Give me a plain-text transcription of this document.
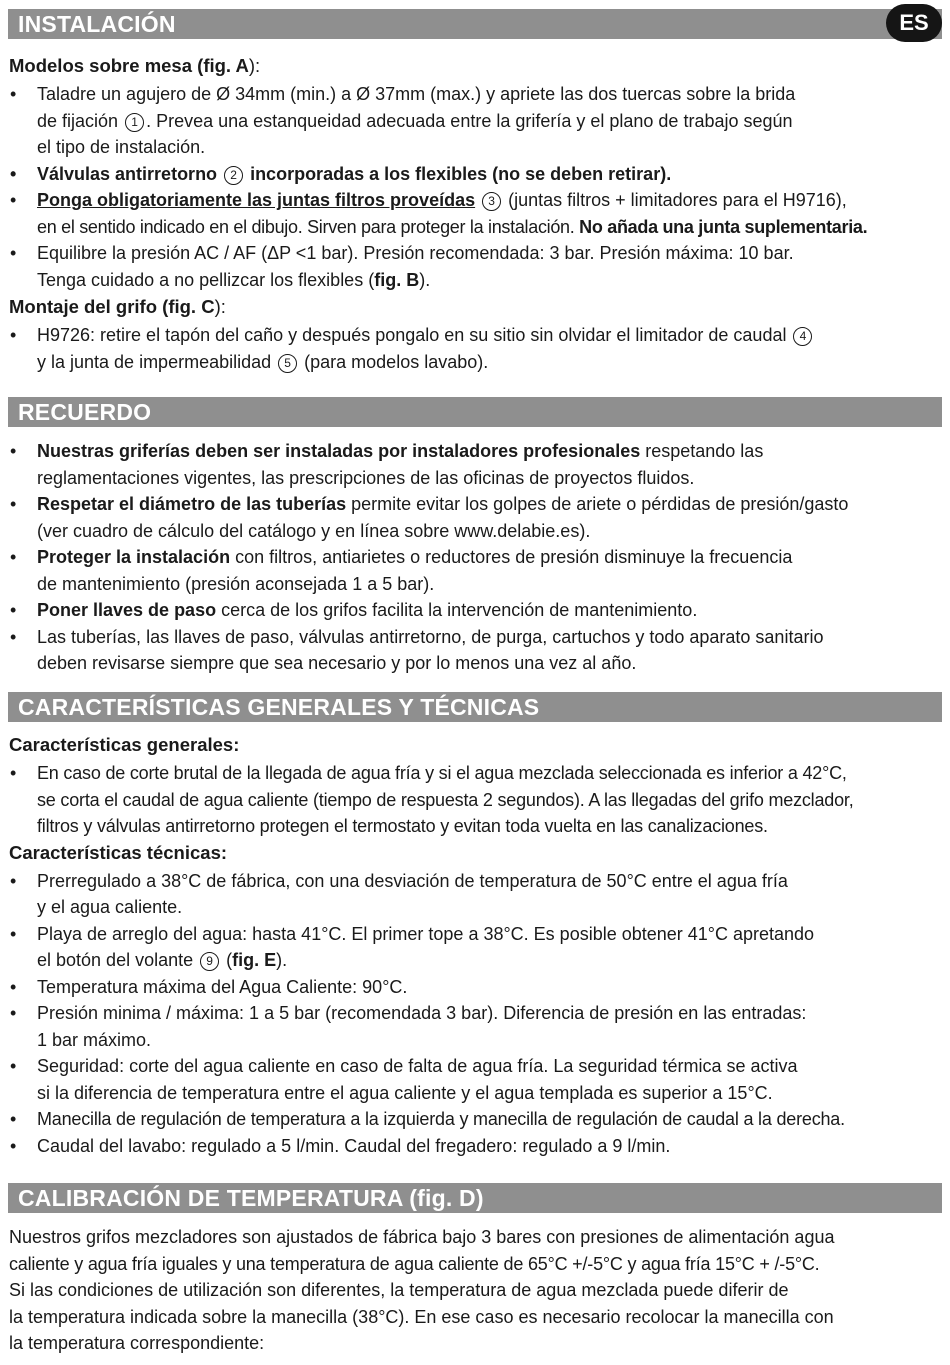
INSTALACIÓN	ES

Modelos sobre mesa (fig. A):

• Taladre un agujero de Ø 34mm (min.) a Ø 37mm (max.) y apriete las dos tuercas sobre la brida
de fijación 1 . Prevea una estanqueidad adecuada entre la grifería y el plano de trabajo según
el tipo de instalación.
• Válvulas antirretorno 2 incorporadas a los flexibles (no se deben retirar).
• Ponga obligatoriamente las juntas filtros proveídas 3 (juntas filtros + limitadores para el H9716),
en el sentido indicado en el dibujo. Sirven para proteger la instalación. No añada una junta suplementaria.
• Equilibre la presión AC / AF (ΔP <1 bar). Presión recomendada: 3 bar. Presión máxima: 10 bar.
Tenga cuidado a no pellizcar los flexibles (fig. B).

Montaje del grifo (fig. C):

• H9726: retire el tapón del caño y después pongalo en su sitio sin olvidar el limitador de caudal 4
y la junta de impermeabilidad 5 (para modelos lavabo).
RECUERDO
• Nuestras griferías deben ser instaladas por instaladores profesionales respetando las
reglamentaciones vigentes, las prescripciones de las oficinas de proyectos fluidos.
• Respetar el diámetro de las tuberías permite evitar los golpes de ariete o pérdidas de presión/gasto
(ver cuadro de cálculo del catálogo y en línea sobre www.delabie.es).
• Proteger la instalación con filtros, antiarietes o reductores de presión disminuye la frecuencia
de mantenimiento (presión aconsejada 1 a 5 bar).
• Poner llaves de paso cerca de los grifos facilita la intervención de mantenimiento.
• Las tuberías, las llaves de paso, válvulas antirretorno, de purga, cartuchos y todo aparato sanitario
deben revisarse siempre que sea necesario y por lo menos una vez al año.
CARACTERÍSTICAS GENERALES Y TÉCNICAS

Características generales:

• En caso de corte brutal de la llegada de agua fría y si el agua mezclada seleccionada es inferior a 42°C,
se corta el caudal de agua caliente (tiempo de respuesta 2 segundos). A las llegadas del grifo mezclador,
filtros y válvulas antirretorno protegen el termostato y evitan toda vuelta en las canalizaciones.

Características técnicas:

• Prerregulado a 38°C de fábrica, con una desviación de temperatura de 50°C entre el agua fría
y el agua caliente.
• Playa de arreglo del agua: hasta 41°C. El primer tope a 38°C. Es posible obtener 41°C apretando
el botón del volante 9 (fig. E).
• Temperatura máxima del Agua Caliente: 90°C.
• Presión minima / máxima: 1 a 5 bar (recomendada 3 bar). Diferencia de presión en las entradas:
1 bar máximo.
• Seguridad: corte del agua caliente en caso de falta de agua fría. La seguridad térmica se activa
si la diferencia de temperatura entre el agua caliente y el agua templada es superior a 15°C.
• Manecilla de regulación de temperatura a la izquierda y manecilla de regulación de caudal a la derecha.
• Caudal del lavabo: regulado a 5 l/min. Caudal del fregadero: regulado a 9 l/min.
CALIBRACIÓN DE TEMPERATURA (fig. D)
Nuestros grifos mezcladores son ajustados de fábrica bajo 3 bares con presiones de alimentación agua
caliente y agua fría iguales y una temperatura de agua caliente de 65°C +/-5°C y agua fría 15°C + /-5°C.
Si las condiciones de utilización son diferentes, la temperatura de agua mezclada puede diferir de
la temperatura indicada sobre la manecilla (38°C). En ese caso es necesario recolocar la manecilla con
la temperatura correspondiente:
